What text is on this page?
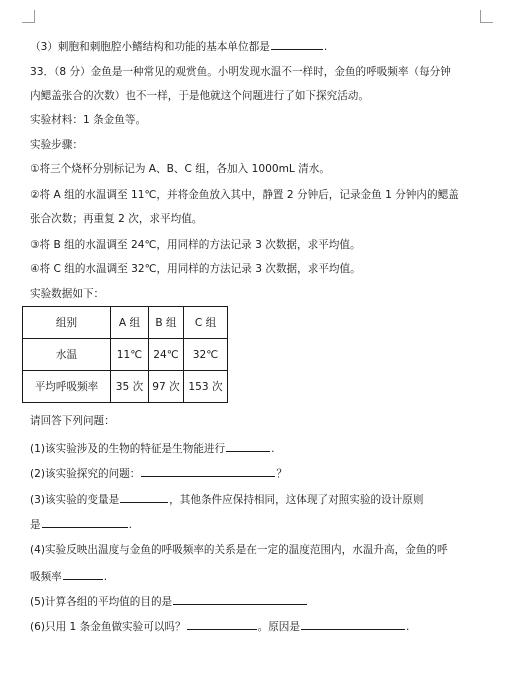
（3）刺胞和刺胞腔小鳍结构和功能的基本单位都是	.
33．（8 分）金鱼是一种常见的观赏鱼。小明发现水温不一样时，金鱼的呼吸频率（每分钟
内鳃盖张合的次数）也不一样，于是他就这个问题进行了如下探究活动。
实验材料：1 条金鱼等。
实验步骤：
①将三个烧杯分别标记为 A、B、C 组，各加入 1000mL 清水。
②将 A 组的水温调至 11℃，并将金鱼放入其中，静置 2 分钟后，记录金鱼 1 分钟内的鳃盖
张合次数；再重复 2 次，求平均值。
③将 B 组的水温调至 24℃，用同样的方法记录 3 次数据，求平均值。
④将 C 组的水温调至 32℃，用同样的方法记录 3 次数据，求平均值。
实验数据如下：
组别	A 组	B 组	C 组
水温	11℃	24℃	32℃
平均呼吸频率	35 次	97 次	153 次
请回答下列问题：
(1)该实验涉及的生物的特征是生物能进行	.
(2)该实验探究的问题：	？
(3)该实验的变量是	，其他条件应保持相同，这体现了对照实验的设计原则
是	.
(4)实验反映出温度与金鱼的呼吸频率的关系是在一定的温度范围内，水温升高，金鱼的呼
吸频率	.
(5)计算各组的平均值的目的是
(6)只用 1 条金鱼做实验可以吗？	。原因是	.
